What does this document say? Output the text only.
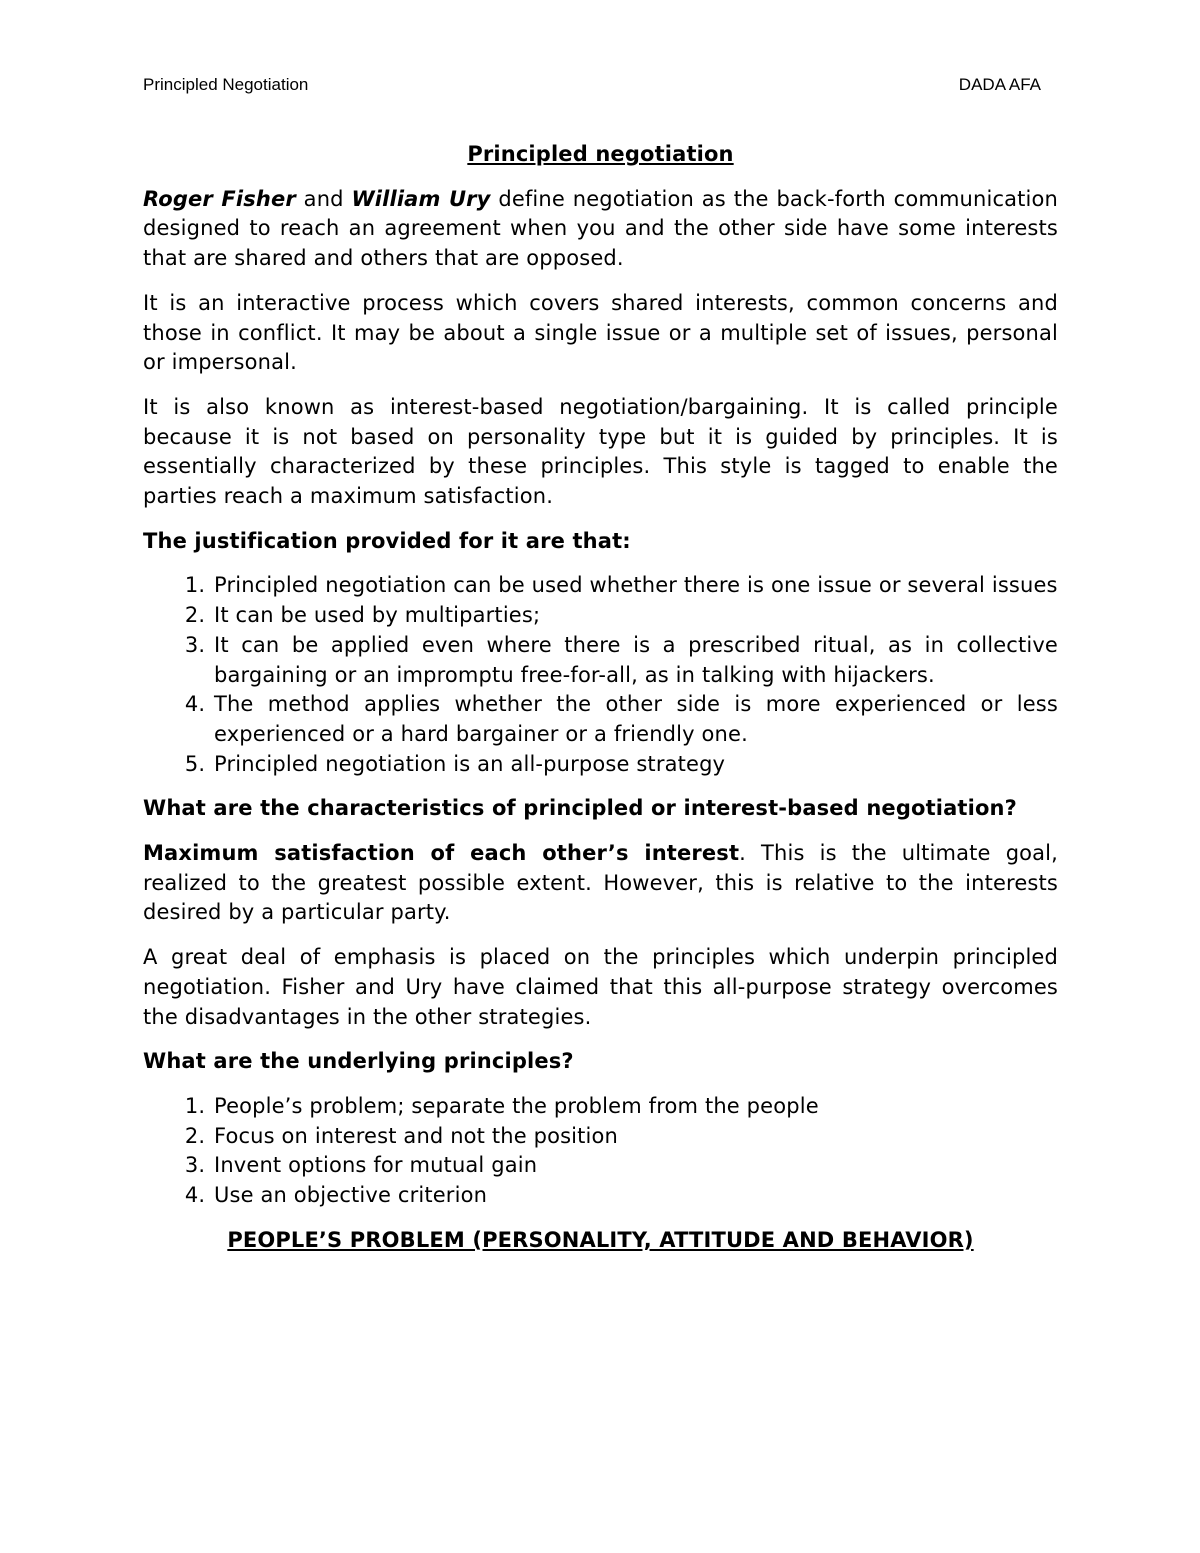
Principled Negotiation	DADA AFA
Principled negotiation

Roger Fisher and William Ury define negotiation as the back-forth communication designed to reach an agreement when you and the other side have some interests that are shared and others that are opposed.

It is an interactive process which covers shared interests, common concerns and those in conflict. It may be about a single issue or a multiple set of issues, personal or impersonal.

It is also known as interest-based negotiation/bargaining. It is called principle because it is not based on personality type but it is guided by principles. It is essentially characterized by these principles. This style is tagged to enable the parties reach a maximum satisfaction.

The justification provided for it are that:
1. Principled negotiation can be used whether there is one issue or several issues
2. It can be used by multiparties;
3. It can be applied even where there is a prescribed ritual, as in collective bargaining or an impromptu free-for-all, as in talking with hijackers.
4. The method applies whether the other side is more experienced or less experienced or a hard bargainer or a friendly one.
5. Principled negotiation is an all-purpose strategy
What are the characteristics of principled or interest-based negotiation?

Maximum satisfaction of each other’s interest. This is the ultimate goal, realized to the greatest possible extent. However, this is relative to the interests desired by a particular party.

A great deal of emphasis is placed on the principles which underpin principled negotiation. Fisher and Ury have claimed that this all-purpose strategy overcomes the disadvantages in the other strategies.

What are the underlying principles?
1. People’s problem; separate the problem from the people
2. Focus on interest and not the position
3. Invent options for mutual gain
4. Use an objective criterion
PEOPLE’S PROBLEM (PERSONALITY, ATTITUDE AND BEHAVIOR)
